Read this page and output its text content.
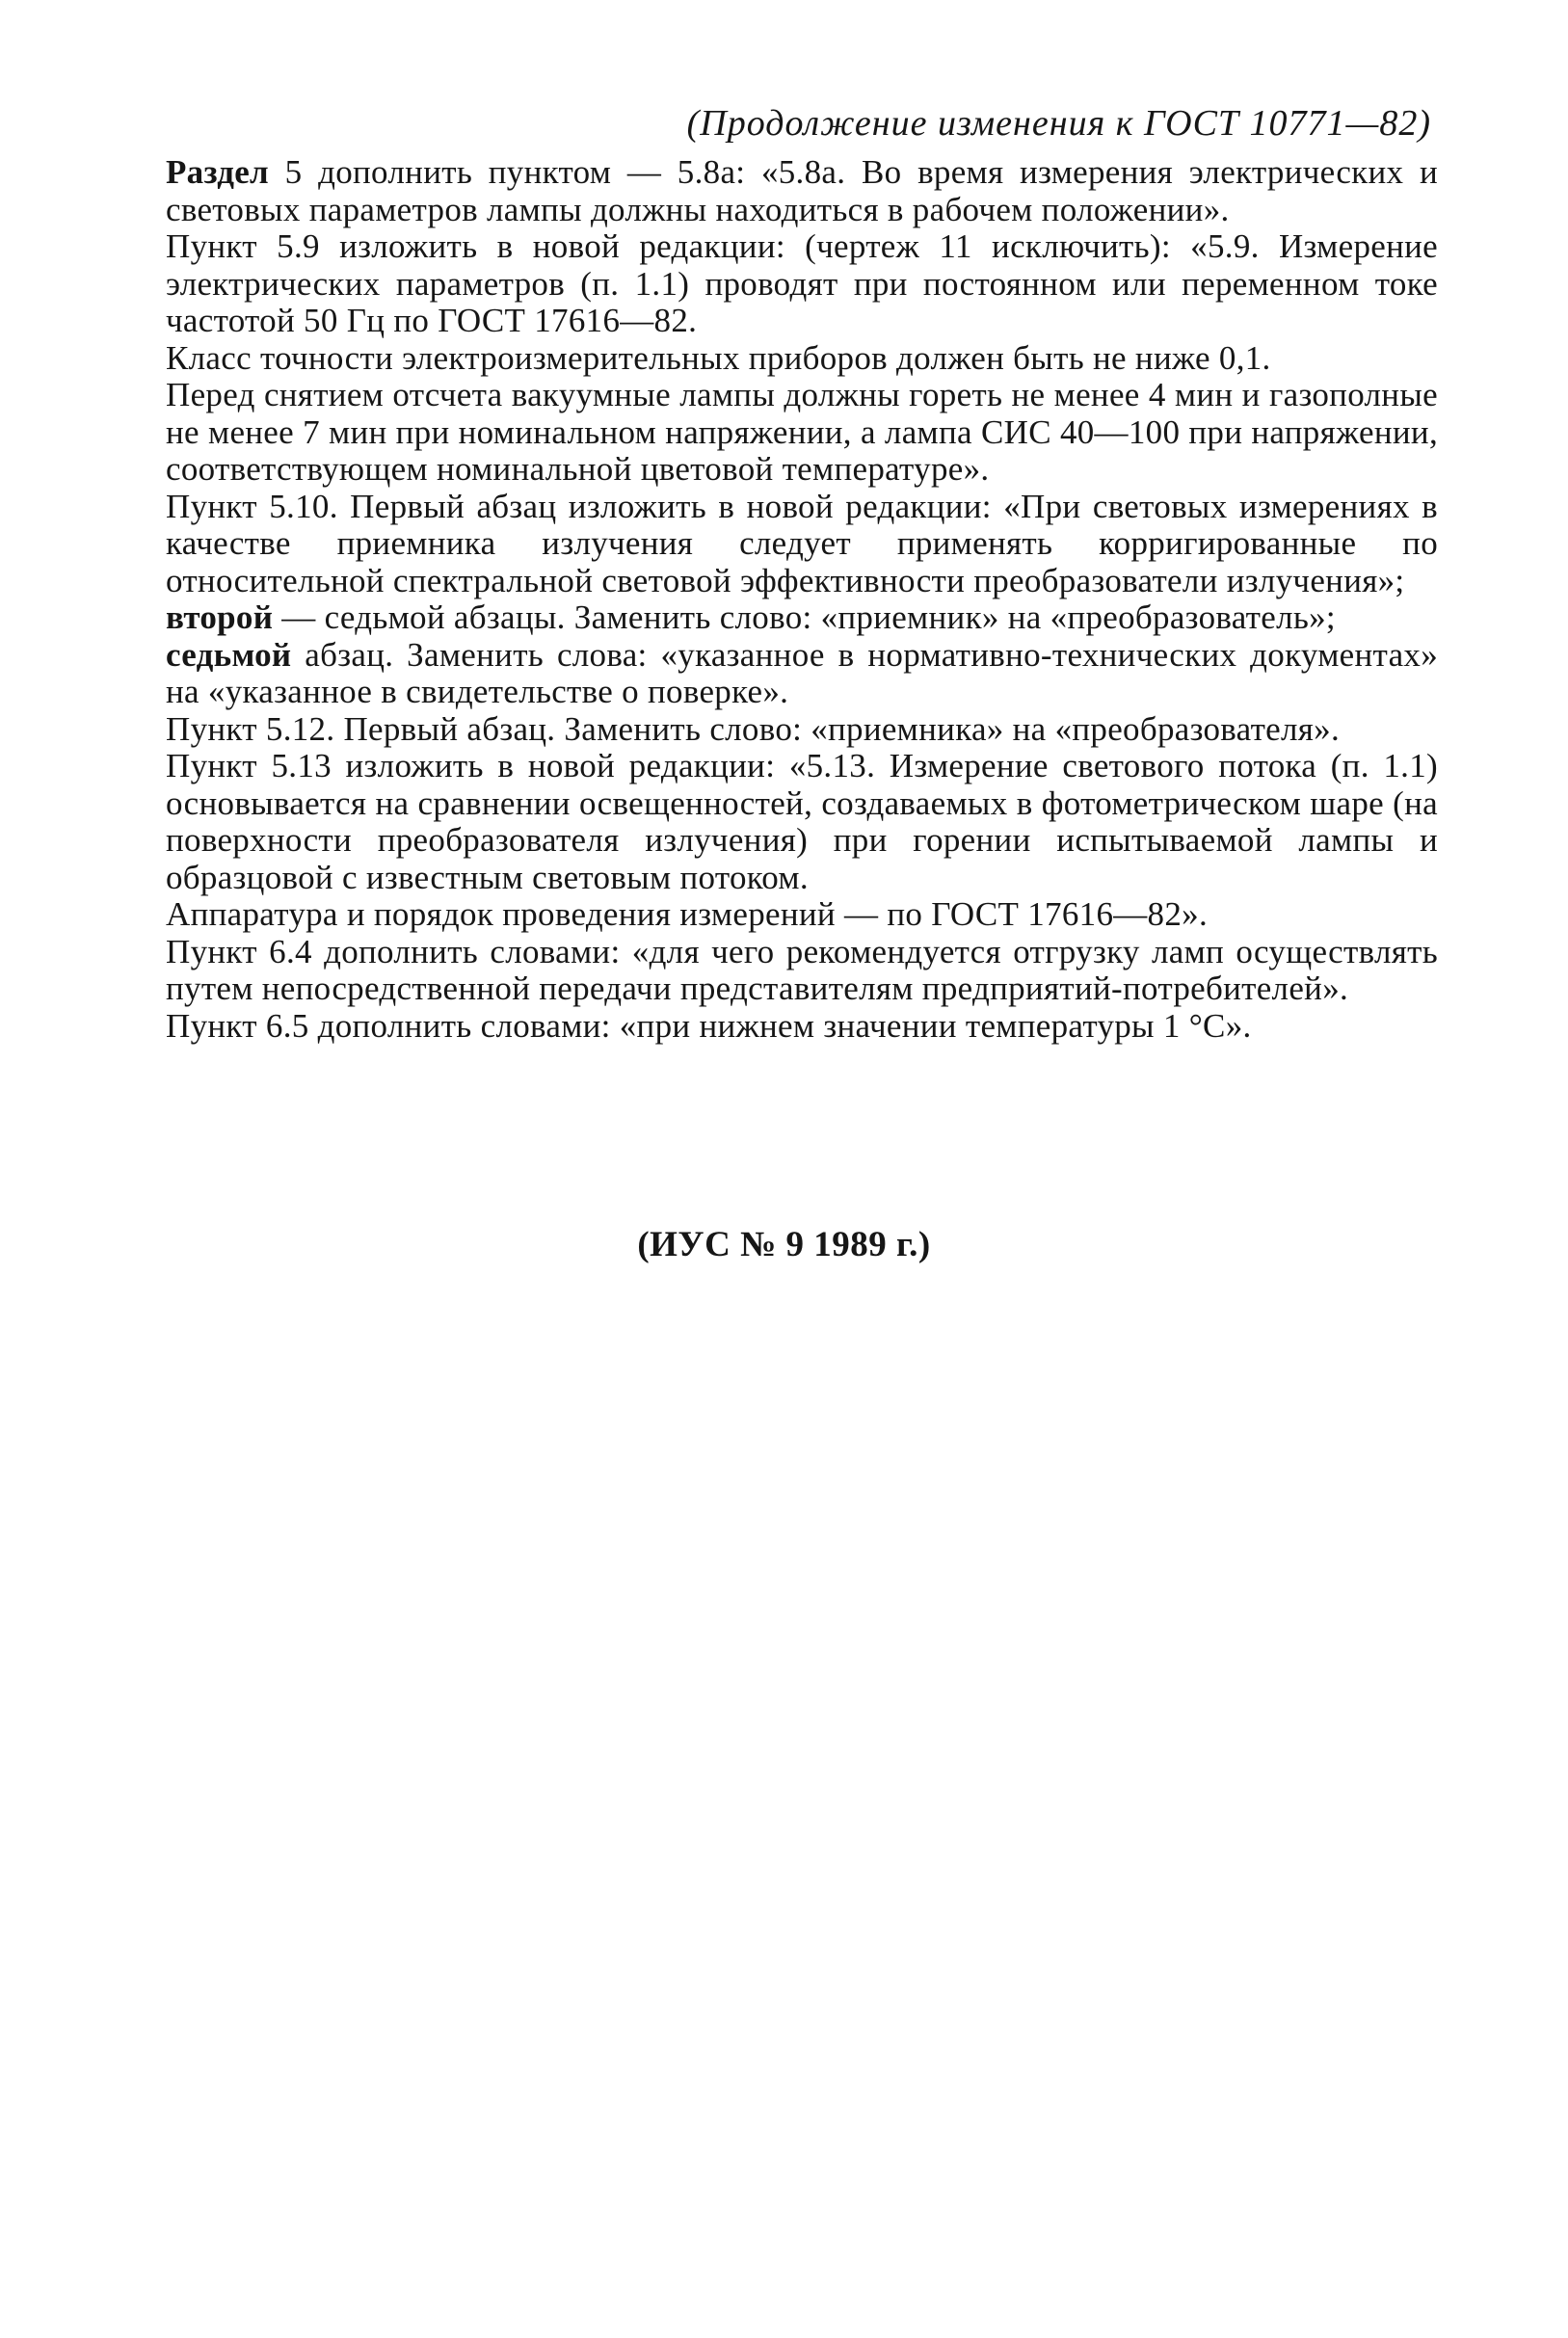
(Продолжение изменения к ГОСТ 10771—82)

Раздел 5 дополнить пунктом — 5.8а: «5.8а. Во время измерения электрических и световых параметров лампы должны находиться в рабочем положении».

Пункт 5.9 изложить в новой редакции: (чертеж 11 исключить): «5.9. Измерение электрических параметров (п. 1.1) проводят при постоянном или переменном токе частотой 50 Гц по ГОСТ 17616—82.

Класс точности электроизмерительных приборов должен быть не ниже 0,1.

Перед снятием отсчета вакуумные лампы должны гореть не менее 4 мин и газополные не менее 7 мин при номинальном напряжении, а лампа СИС 40—100 при напряжении, соответствующем номинальной цветовой температуре».

Пункт 5.10. Первый абзац изложить в новой редакции: «При световых измерениях в качестве приемника излучения следует применять корригированные по относительной спектральной световой эффективности преобразователи излучения»;

второй — седьмой абзацы. Заменить слово: «приемник» на «преобразователь»;

седьмой абзац. Заменить слова: «указанное в нормативно-технических документах» на «указанное в свидетельстве о поверке».

Пункт 5.12. Первый абзац. Заменить слово: «приемника» на «преобразователя».

Пункт 5.13 изложить в новой редакции: «5.13. Измерение светового потока (п. 1.1) основывается на сравнении освещенностей, создаваемых в фотометрическом шаре (на поверхности преобразователя излучения) при горении испытываемой лампы и образцовой с известным световым потоком.

Аппаратура и порядок проведения измерений — по ГОСТ 17616—82».

Пункт 6.4 дополнить словами: «для чего рекомендуется отгрузку ламп осуществлять путем непосредственной передачи представителям предприятий-потребителей».

Пункт 6.5 дополнить словами: «при нижнем значении температуры 1 °С».

(ИУС № 9 1989 г.)
